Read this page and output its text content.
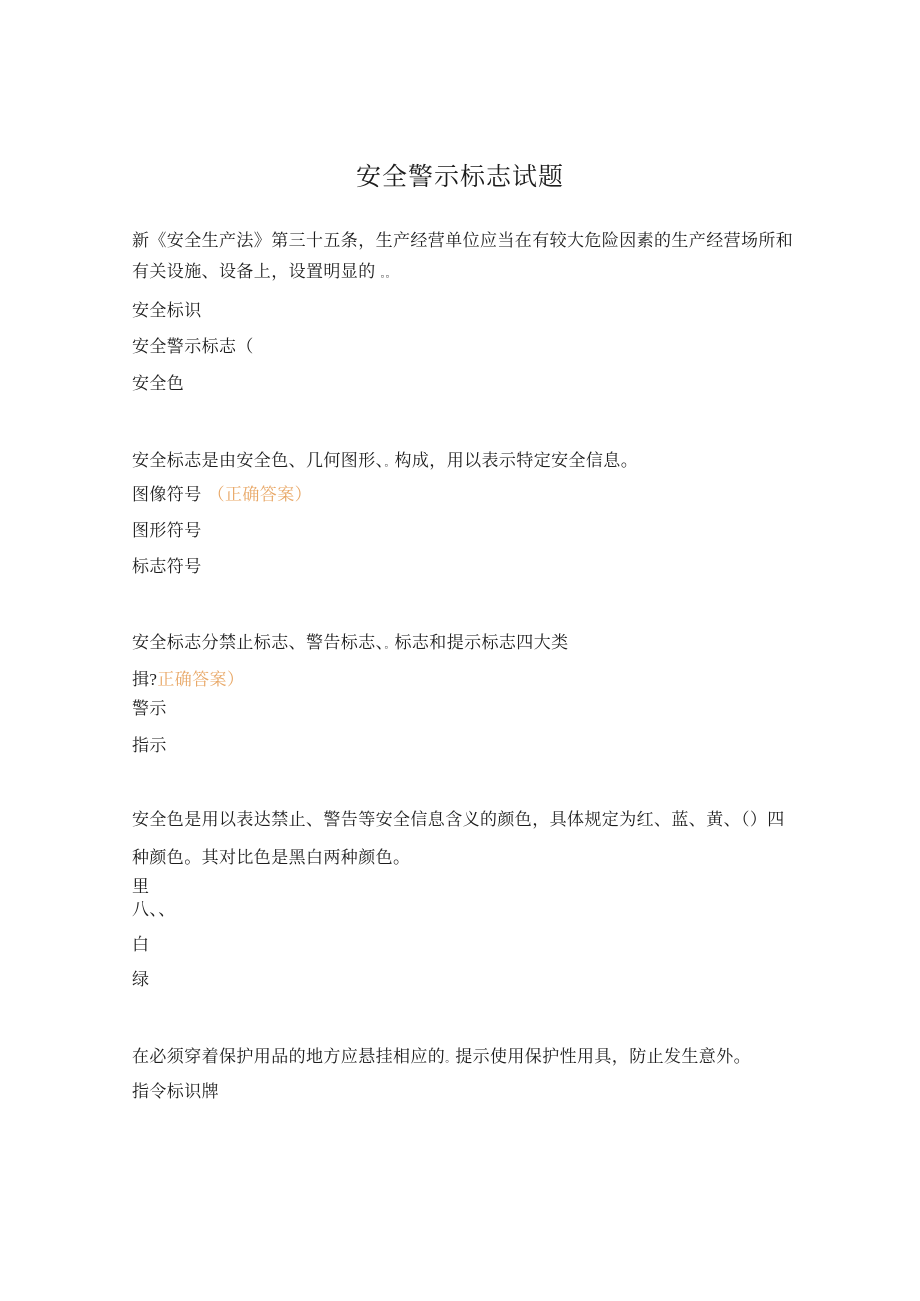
安全警示标志试题

新《安全生产法》第三十五条，生产经营单位应当在有较大危险因素的生产经营场所和

有关设施、设备上，设置明显的 。。

安全标识

安全警示标志（

安全色

安全标志是由安全色、几何图形、。构成，用以表示特定安全信息。

图像符号 （正确答案）

图形符号

标志符号

安全标志分禁止标志、警告标志、。标志和提示标志四大类

揖?正确答案）

警示

指示

安全色是用以表达禁止、警告等安全信息含义的颜色，具体规定为红、蓝、黄、（）四

种颜色。其对比色是黑白两种颜色。

里

八、、

白

绿

在必须穿着保护用品的地方应悬挂相应的。提示使用保护性用具，防止发生意外。

指令标识牌
